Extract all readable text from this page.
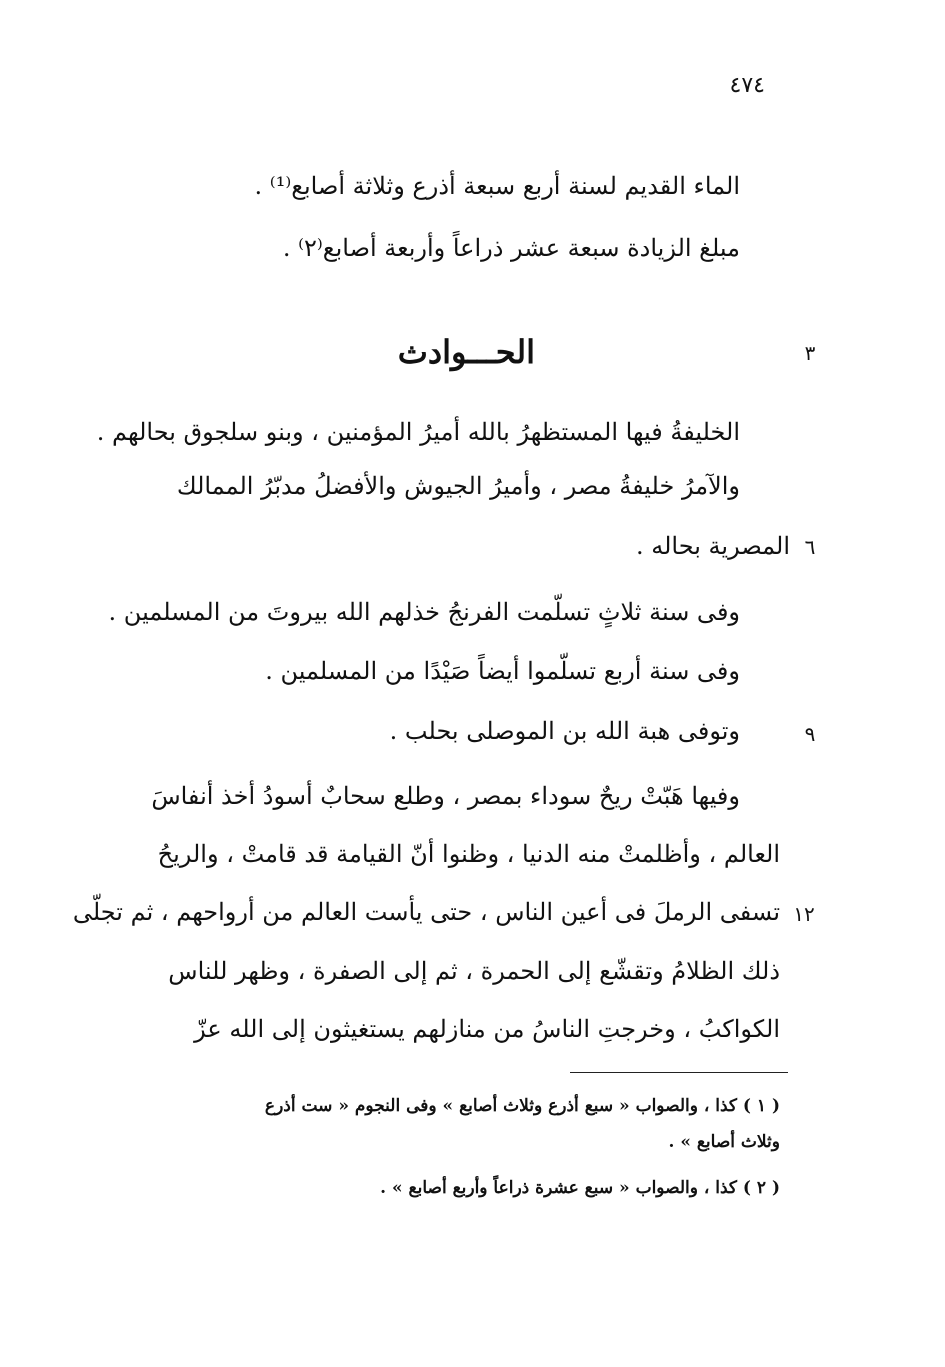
٤٧٤
الماء القديم لسنة أربع سبعة أذرع وثلاثة أصابع⁽¹⁾ .
مبلغ الزيادة سبعة عشر ذراعاً وأربعة أصابع⁽٢⁾ .
٣
الحـــوادث
الخليفةُ فيها المستظهرُ بالله أميرُ المؤمنين ، وبنو سلجوق بحالهم .
والآمرُ خليفةُ مصر ، وأميرُ الجيوش والأفضلُ مدبّرُ الممالك
٦
المصرية بحاله .
وفى سنة ثلاثٍ تسلّمت الفرنجُ خذلهم الله بيروتَ من المسلمين .
وفى سنة أربع تسلّموا أيضاً صَيْدًا من المسلمين .
٩
وتوفى هبة الله بن الموصلى بحلب .
وفيها هَبّتْ ريحٌ سوداء بمصر ، وطلع سحابٌ أسودُ أخذ أنفاسَ
العالم ، وأظلمتْ منه الدنيا ، وظنوا أنّ القيامة قد قامتْ ، والريحُ
١٢
تسفى الرملَ فى أعين الناس ، حتى يأست العالم من أرواحهم ، ثم تجلّى
ذلك الظلامُ وتقشّع إلى الحمرة ، ثم إلى الصفرة ، وظهر للناس
الكواكبُ ، وخرجتِ الناسُ من منازلهم يستغيثون إلى الله عزّ
( ١ ) كذا ، والصواب « سبع أذرع وثلاث أصابع » وفى النجوم « ست أذرع
وثلاث أصابع » .
( ٢ ) كذا ، والصواب « سبع عشرة ذراعاً وأربع أصابع » .
